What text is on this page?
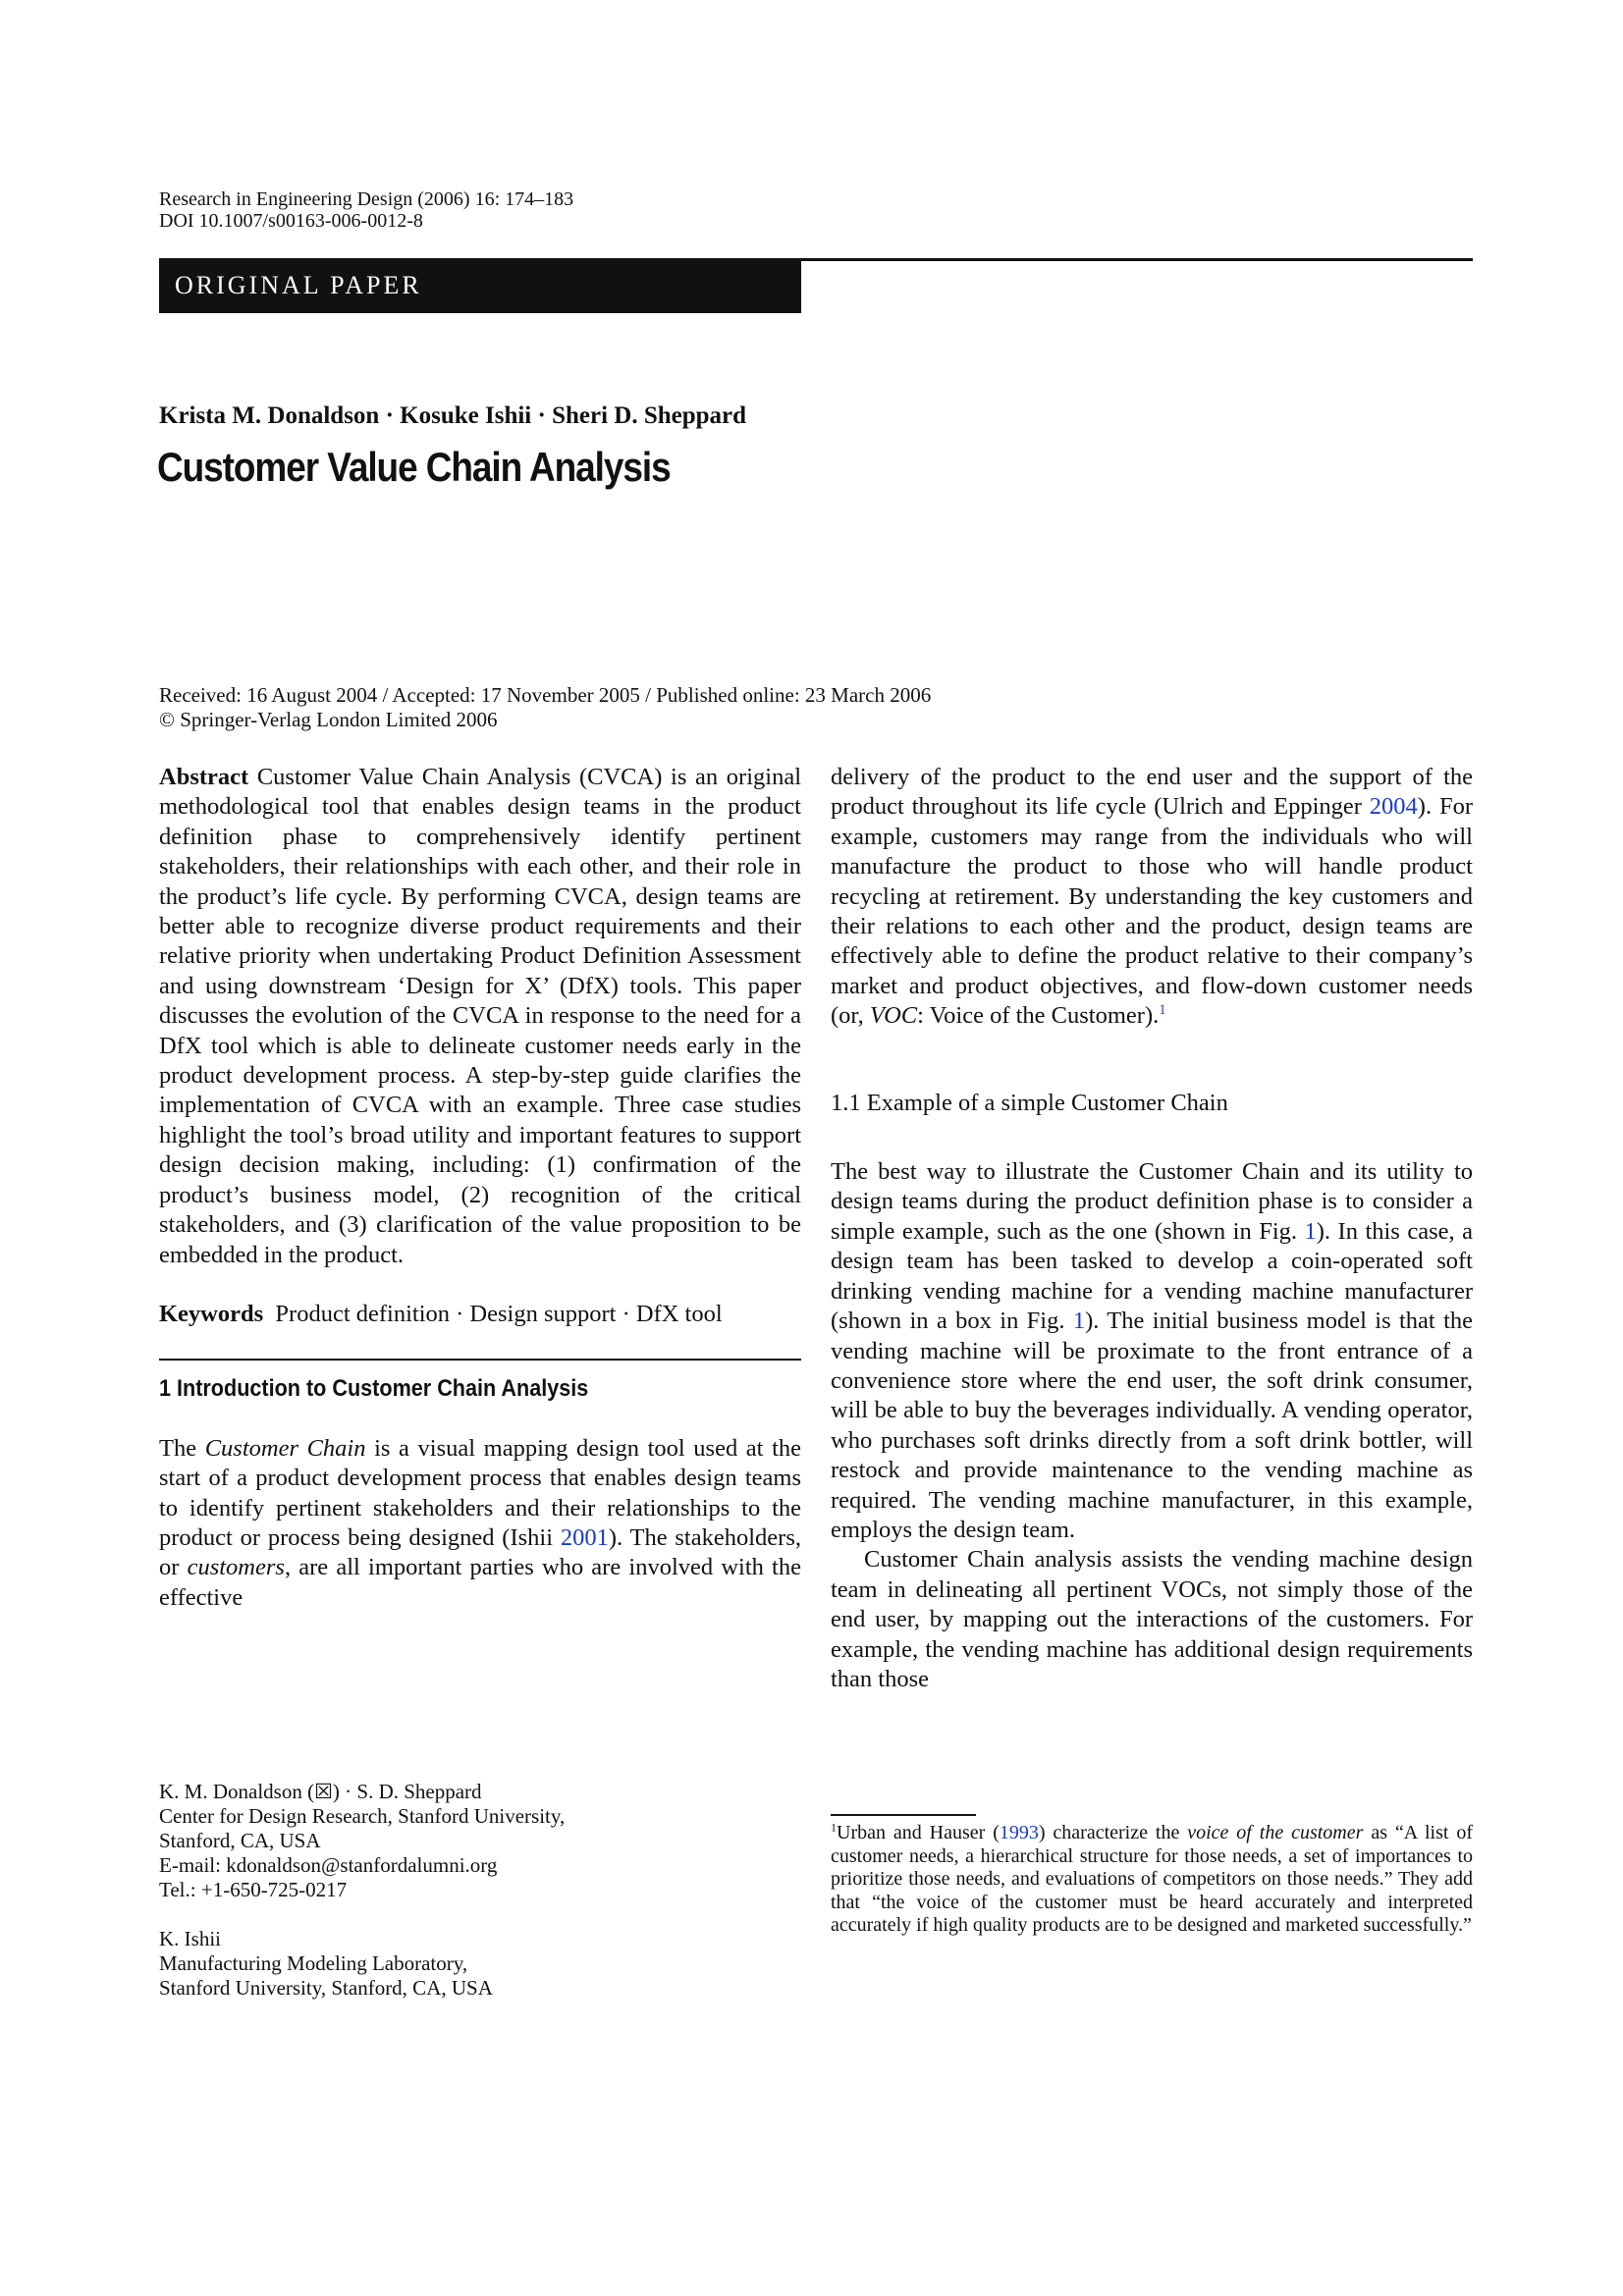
Research in Engineering Design (2006) 16: 174–183
DOI 10.1007/s00163-006-0012-8
ORIGINAL PAPER
Krista M. Donaldson · Kosuke Ishii · Sheri D. Sheppard
Customer Value Chain Analysis
Received: 16 August 2004 / Accepted: 17 November 2005 / Published online: 23 March 2006
© Springer-Verlag London Limited 2006

Abstract Customer Value Chain Analysis (CVCA) is an original methodological tool that enables design teams in the product definition phase to comprehensively identify pertinent stakeholders, their relationships with each other, and their role in the product’s life cycle. By performing CVCA, design teams are better able to recognize diverse product requirements and their relative priority when undertaking Product Definition Assessment and using downstream ‘Design for X’ (DfX) tools. This paper discusses the evolution of the CVCA in response to the need for a DfX tool which is able to delineate customer needs early in the product development process. A step-by-step guide clarifies the implementation of CVCA with an example. Three case studies highlight the tool’s broad utility and important features to support design decision making, including: (1) confirmation of the product’s business model, (2) recognition of the critical stakeholders, and (3) clarification of the value proposition to be embedded in the product.

Keywords Product definition · Design support · DfX tool

1 Introduction to Customer Chain Analysis

The Customer Chain is a visual mapping design tool used at the start of a product development process that enables design teams to identify pertinent stakeholders and their relationships to the product or process being designed (Ishii 2001). The stakeholders, or customers, are all important parties who are involved with the effective

delivery of the product to the end user and the support of the product throughout its life cycle (Ulrich and Eppinger 2004). For example, customers may range from the individuals who will manufacture the product to those who will handle product recycling at retirement. By understanding the key customers and their relations to each other and the product, design teams are effectively able to define the product relative to their company’s market and product objectives, and flow-down customer needs (or, VOC: Voice of the Customer).$^1$

1.1 Example of a simple Customer Chain

The best way to illustrate the Customer Chain and its utility to design teams during the product definition phase is to consider a simple example, such as the one (shown in Fig. 1). In this case, a design team has been tasked to develop a coin-operated soft drinking vending machine for a vending machine manufacturer (shown in a box in Fig. 1). The initial business model is that the vending machine will be proximate to the front entrance of a convenience store where the end user, the soft drink consumer, will be able to buy the beverages individually. A vending operator, who purchases soft drinks directly from a soft drink bottler, will restock and provide maintenance to the vending machine as required. The vending machine manufacturer, in this example, employs the design team.

Customer Chain analysis assists the vending machine design team in delineating all pertinent VOCs, not simply those of the end user, by mapping out the interactions of the customers. For example, the vending machine has additional design requirements than those

K. M. Donaldson (☒) · S. D. Sheppard

Center for Design Research, Stanford University,

Stanford, CA, USA

E-mail: kdonaldson@stanfordalumni.org

Tel.: +1-650-725-0217

K. Ishii

Manufacturing Modeling Laboratory,

Stanford University, Stanford, CA, USA

$^1$Urban and Hauser (1993) characterize the voice of the customer as “A list of customer needs, a hierarchical structure for those needs, a set of importances to prioritize those needs, and evaluations of competitors on those needs.” They add that “the voice of the customer must be heard accurately and interpreted accurately if high quality products are to be designed and marketed successfully.”
